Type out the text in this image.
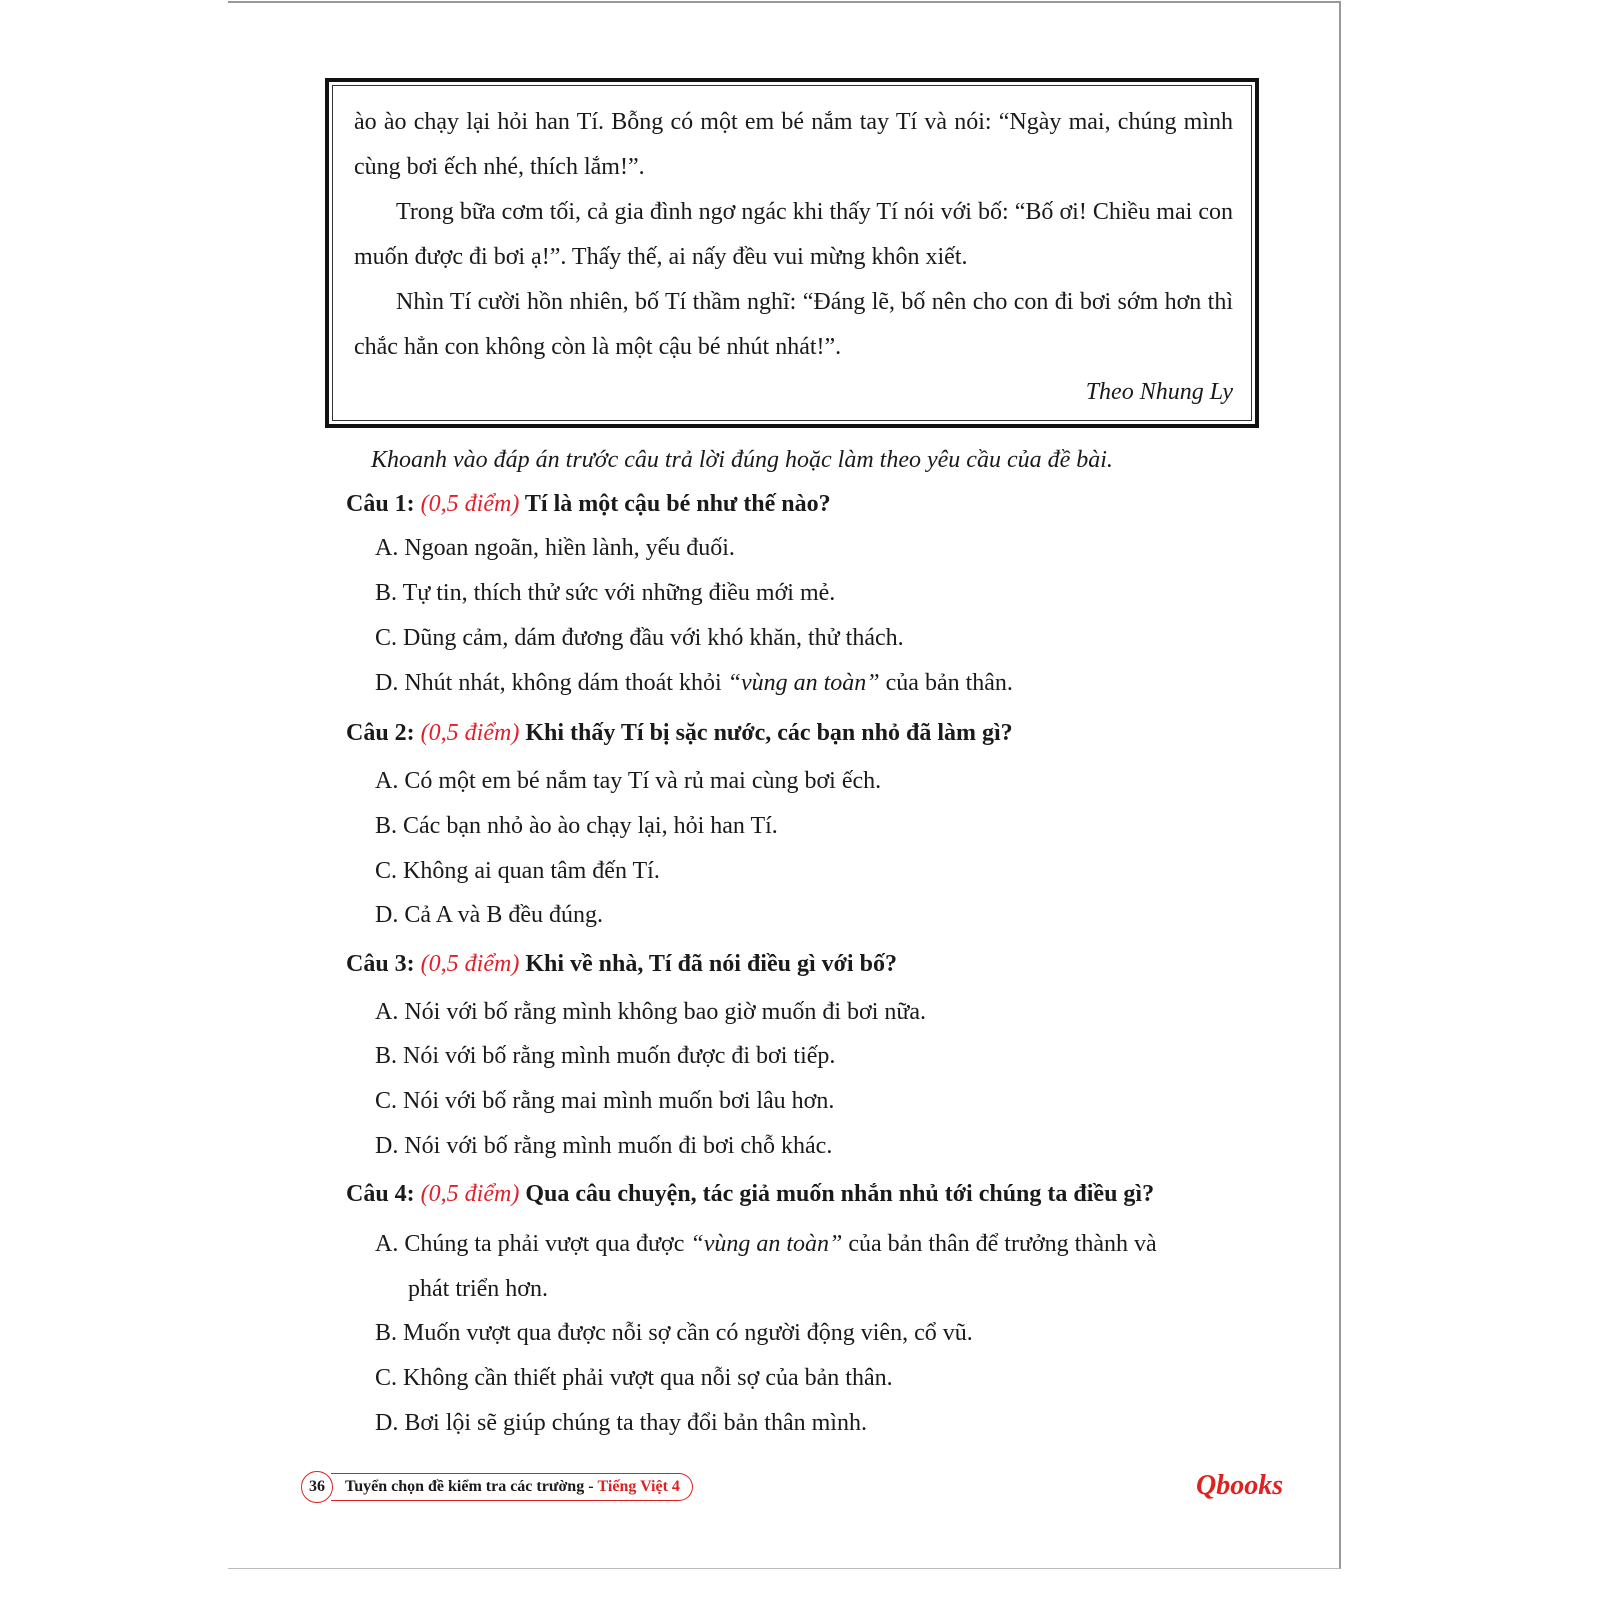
ào ào chạy lại hỏi han Tí. Bỗng có một em bé nắm tay Tí và nói: “Ngày mai, chúng mình cùng bơi ếch nhé, thích lắm!”.

Trong bữa cơm tối, cả gia đình ngơ ngác khi thấy Tí nói với bố: “Bố ơi! Chiều mai con muốn được đi bơi ạ!”. Thấy thế, ai nấy đều vui mừng khôn xiết.

Nhìn Tí cười hồn nhiên, bố Tí thầm nghĩ: “Đáng lẽ, bố nên cho con đi bơi sớm hơn thì chắc hẳn con không còn là một cậu bé nhút nhát!”.

Theo Nhung Ly
Khoanh vào đáp án trước câu trả lời đúng hoặc làm theo yêu cầu của đề bài.
Câu 1: (0,5 điểm) Tí là một cậu bé như thế nào?
A. Ngoan ngoãn, hiền lành, yếu đuối.
B. Tự tin, thích thử sức với những điều mới mẻ.
C. Dũng cảm, dám đương đầu với khó khăn, thử thách.
D. Nhút nhát, không dám thoát khỏi “vùng an toàn” của bản thân.
Câu 2: (0,5 điểm) Khi thấy Tí bị sặc nước, các bạn nhỏ đã làm gì?
A. Có một em bé nắm tay Tí và rủ mai cùng bơi ếch.
B. Các bạn nhỏ ào ào chạy lại, hỏi han Tí.
C. Không ai quan tâm đến Tí.
D. Cả A và B đều đúng.
Câu 3: (0,5 điểm) Khi về nhà, Tí đã nói điều gì với bố?
A. Nói với bố rằng mình không bao giờ muốn đi bơi nữa.
B. Nói với bố rằng mình muốn được đi bơi tiếp.
C. Nói với bố rằng mai mình muốn bơi lâu hơn.
D. Nói với bố rằng mình muốn đi bơi chỗ khác.
Câu 4: (0,5 điểm) Qua câu chuyện, tác giả muốn nhắn nhủ tới chúng ta điều gì?
A. Chúng ta phải vượt qua được “vùng an toàn” của bản thân để trưởng thành và
phát triển hơn.
B. Muốn vượt qua được nỗi sợ cần có người động viên, cổ vũ.
C. Không cần thiết phải vượt qua nỗi sợ của bản thân.
D. Bơi lội sẽ giúp chúng ta thay đổi bản thân mình.
36	Tuyển chọn đề kiểm tra các trường -
Tiếng Việt 4	Qbooks
